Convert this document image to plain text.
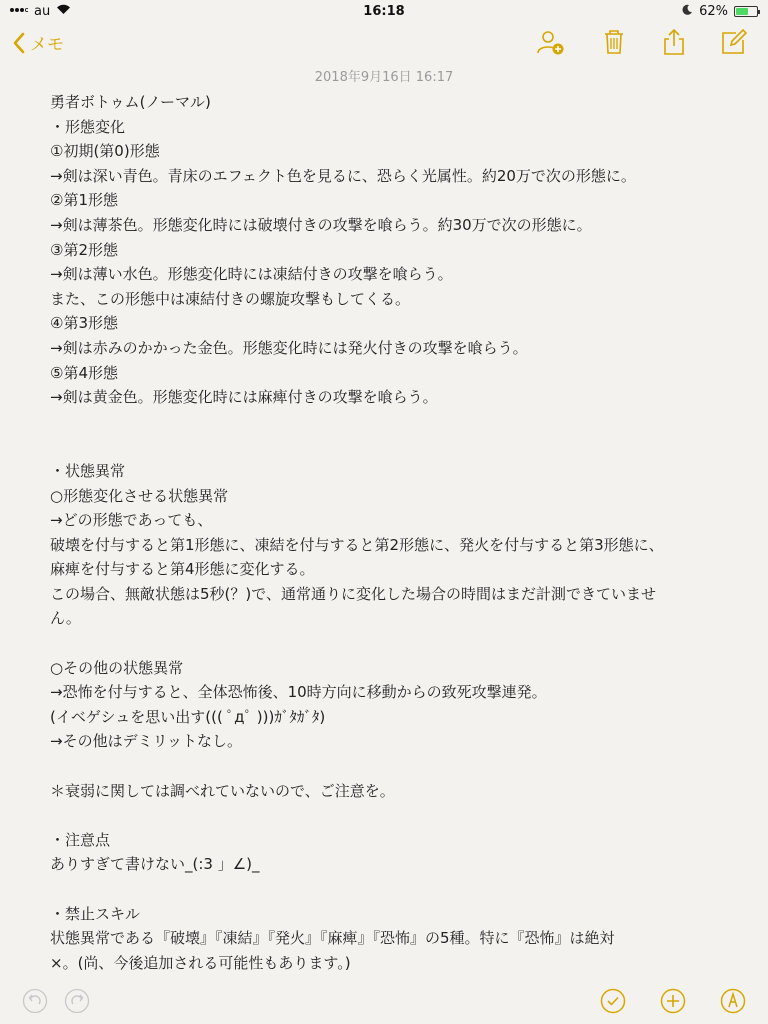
au	16:18	62%
メモ
2018年9月16日 16:17
勇者ボトゥム(ノーマル)
・形態変化
①初期(第0)形態
→剣は深い青色。青床のエフェクト色を見るに、恐らく光属性。約20万で次の形態に。
②第1形態
→剣は薄茶色。形態変化時には破壊付きの攻撃を喰らう。約30万で次の形態に。
③第2形態
→剣は薄い水色。形態変化時には凍結付きの攻撃を喰らう。
また、この形態中は凍結付きの螺旋攻撃もしてくる。
④第3形態
→剣は赤みのかかった金色。形態変化時には発火付きの攻撃を喰らう。
⑤第4形態
→剣は黄金色。形態変化時には麻痺付きの攻撃を喰らう。
・状態異常
○形態変化させる状態異常
→どの形態であっても、
破壊を付与すると第1形態に、凍結を付与すると第2形態に、発火を付与すると第3形態に、
麻痺を付与すると第4形態に変化する。
この場合、無敵状態は5秒(？)で、通常通りに変化した場合の時間はまだ計測できていませ
ん。
○その他の状態異常
→恐怖を付与すると、全体恐怖後、10時方向に移動からの致死攻撃連発。
(イベゲシュを思い出す((( ﾟдﾟ )))ｶﾞﾀｶﾞﾀ)
→その他はデミリットなし。
＊衰弱に関しては調べれていないので、ご注意を。
・注意点
ありすぎて書けない_(:3 」∠)_
・禁止スキル
状態異常である『破壊』『凍結』『発火』『麻痺』『恐怖』の5種。特に『恐怖』は絶対
×。(尚、今後追加される可能性もあります。)
